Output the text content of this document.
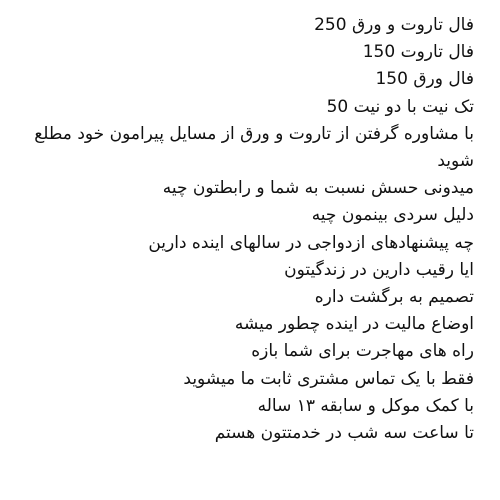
فال تاروت و ورق 250
فال تاروت 150
فال ورق 150
تک نیت با دو نیت 50
با مشاوره گرفتن از تاروت و ورق از مسایل پیرامون خود مطلع
شوید
میدونی حسش نسبت به شما و رابطتون چیه
دلیل سردی بینمون چیه
چه پیشنهادهای ازدواجی در سالهای اینده دارین
ایا رقیب دارین در زندگیتون
تصمیم به برگشت داره
اوضاع مالیت در اینده چطور میشه
راه های مهاجرت برای شما بازه
فقط با یک تماس مشتری ثابت ما میشوید
با کمک موکل و سابقه ۱۳ ساله
تا ساعت سه شب در خدمتتون هستم
